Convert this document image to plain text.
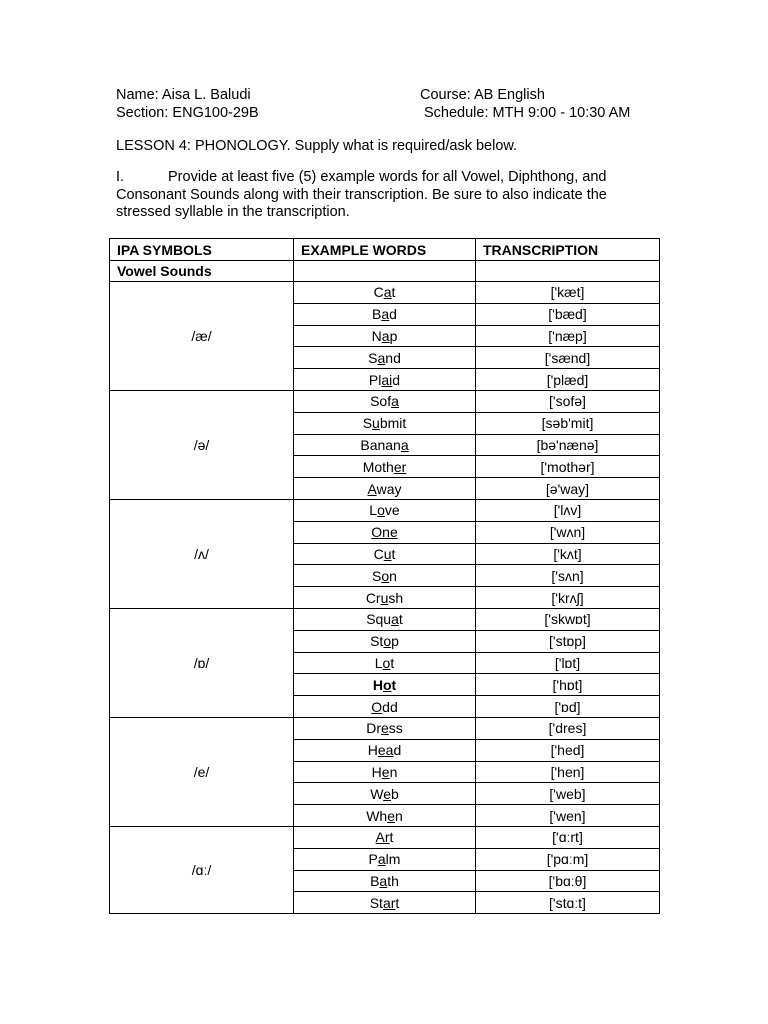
Name: Aisa L. Baludi	Course: AB English
Section: ENG100-29B	Schedule: MTH 9:00 - 10:30 AM
LESSON 4: PHONOLOGY. Supply what is required/ask below.
I.	Provide at least five (5) example words for all Vowel, Diphthong, and Consonant Sounds along with their transcription. Be sure to also indicate the stressed syllable in the transcription.
IPA SYMBOLS	EXAMPLE WORDS	TRANSCRIPTION
Vowel Sounds		
/æ/	Cat	['kæt]
	Bad	['bæd]
	Nap	['næp]
	Sand	['sænd]
	Plaid	['plæd]
/ə/	Sofa	['sofə]
	Submit	[səb'mit]
	Banana	[bə'nænə]
	Mother	['mothər]
	Away	[ə'way]
/ʌ/	Love	['lʌv]
	One	['wʌn]
	Cut	['kʌt]
	Son	['sʌn]
	Crush	['krʌʃ]
/ɒ/	Squat	['skwɒt]
	Stop	['stɒp]
	Lot	['lɒt]
	Hot	['hɒt]
	Odd	['ɒd]
/e/	Dress	['dres]
	Head	['hed]
	Hen	['hen]
	Web	['web]
	When	['wen]
/ɑː/	Art	['ɑːrt]
	Palm	['pɑːm]
	Bath	['bɑːθ]
	Start	['stɑːt]
